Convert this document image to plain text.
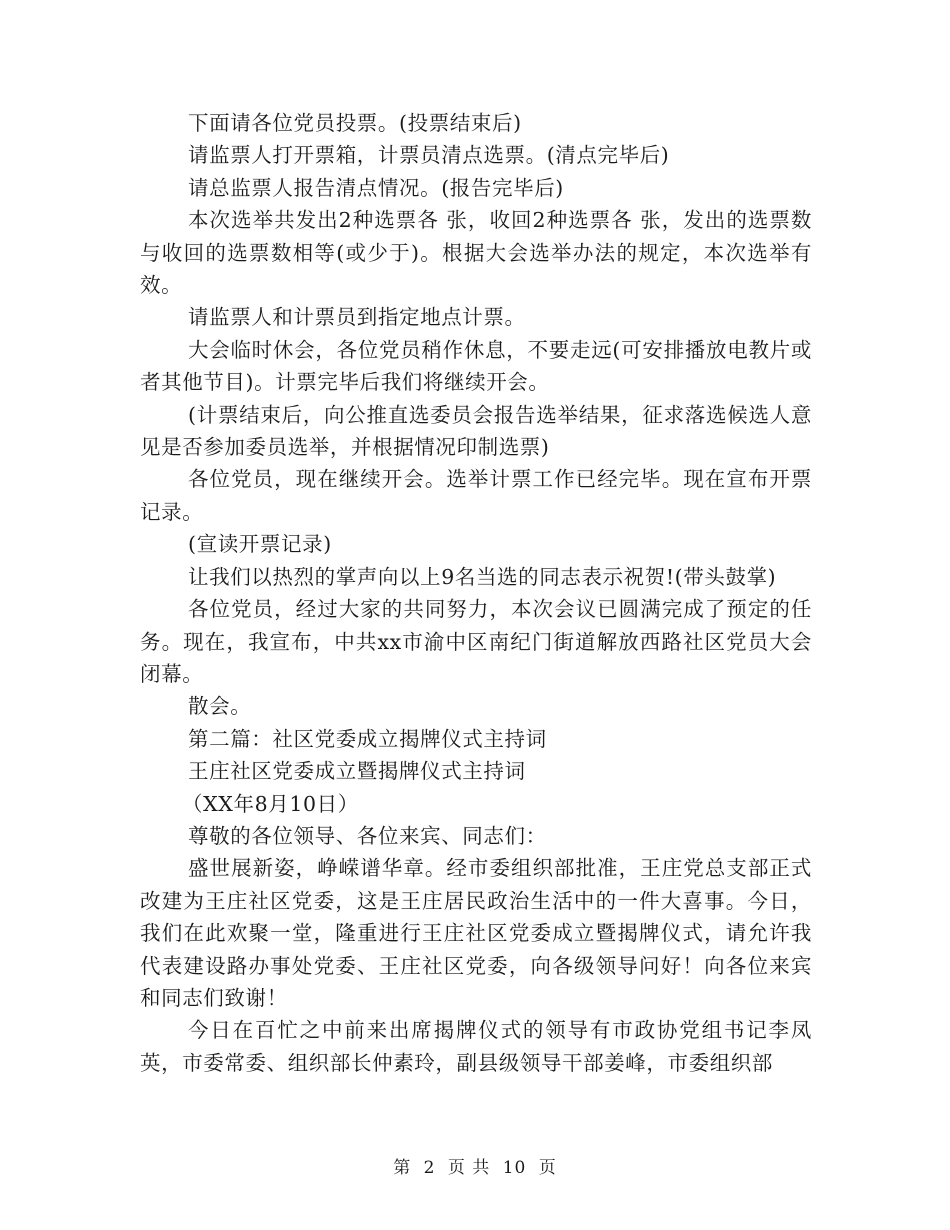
下面请各位党员投票。(投票结束后)

请监票人打开票箱，计票员清点选票。(清点完毕后)

请总监票人报告清点情况。(报告完毕后)

本次选举共发出2种选票各 张，收回2种选票各 张，发出的选票数与收回的选票数相等(或少于)。根据大会选举办法的规定，本次选举有效。

请监票人和计票员到指定地点计票。

大会临时休会，各位党员稍作休息，不要走远(可安排播放电教片或者其他节目)。计票完毕后我们将继续开会。

(计票结束后，向公推直选委员会报告选举结果，征求落选候选人意见是否参加委员选举，并根据情况印制选票)

各位党员，现在继续开会。选举计票工作已经完毕。现在宣布开票记录。

(宣读开票记录)

让我们以热烈的掌声向以上9名当选的同志表示祝贺!(带头鼓掌)

各位党员，经过大家的共同努力，本次会议已圆满完成了预定的任务。现在，我宣布，中共xx市渝中区南纪门街道解放西路社区党员大会闭幕。

散会。

第二篇：社区党委成立揭牌仪式主持词

王庄社区党委成立暨揭牌仪式主持词

（XX年8月10日）

尊敬的各位领导、各位来宾、同志们：

盛世展新姿，峥嵘谱华章。经市委组织部批准，王庄党总支部正式改建为王庄社区党委，这是王庄居民政治生活中的一件大喜事。今日，我们在此欢聚一堂，隆重进行王庄社区党委成立暨揭牌仪式，请允许我代表建设路办事处党委、王庄社区党委，向各级领导问好！向各位来宾和同志们致谢！

今日在百忙之中前来出席揭牌仪式的领导有市政协党组书记李凤英，市委常委、组织部长仲素玲，副县级领导干部姜峰，市委组织部

第 2 页 共 10 页
